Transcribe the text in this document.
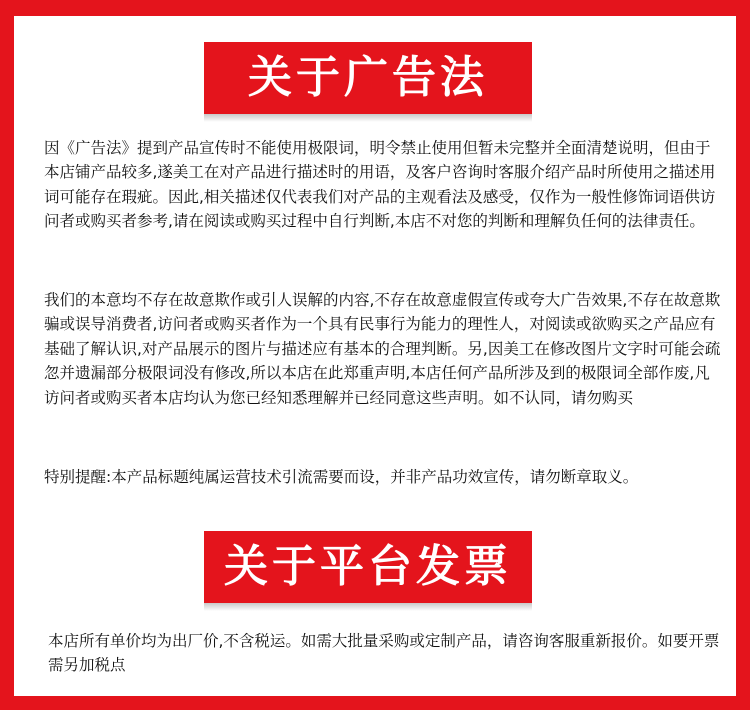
关于广告法

因《广告法》提到产品宣传时不能使用极限词，明令禁止使用但暂未完整并全面清楚说明，但由于本店铺产品较多,遂美工在对产品进行描述时的用语，及客户咨询时客服介绍产品时所使用之描述用词可能存在瑕疵。因此,相关描述仅代表我们对产品的主观看法及感受，仅作为一般性修饰词语供访问者或购买者参考,请在阅读或购买过程中自行判断,本店不对您的判断和理解负任何的法律责任。

我们的本意均不存在故意欺作或引人误解的内容,不存在故意虚假宣传或夸大广告效果,不存在故意欺骗或误导消费者,访问者或购买者作为一个具有民事行为能力的理性人，对阅读或欲购买之产品应有基础了解认识,对产品展示的图片与描述应有基本的合理判断。另,因美工在修改图片文字时可能会疏忽并遗漏部分极限词没有修改,所以本店在此郑重声明,本店任何产品所涉及到的极限词全部作废,凡访问者或购买者本店均认为您已经知悉理解并已经同意这些声明。如不认同，请勿购买

特别提醒:本产品标题纯属运营技术引流需要而设，并非产品功效宣传，请勿断章取义。

关于平台发票

本店所有单价均为出厂价,不含税运。如需大批量采购或定制产品，请咨询客服重新报价。如要开票需另加税点
